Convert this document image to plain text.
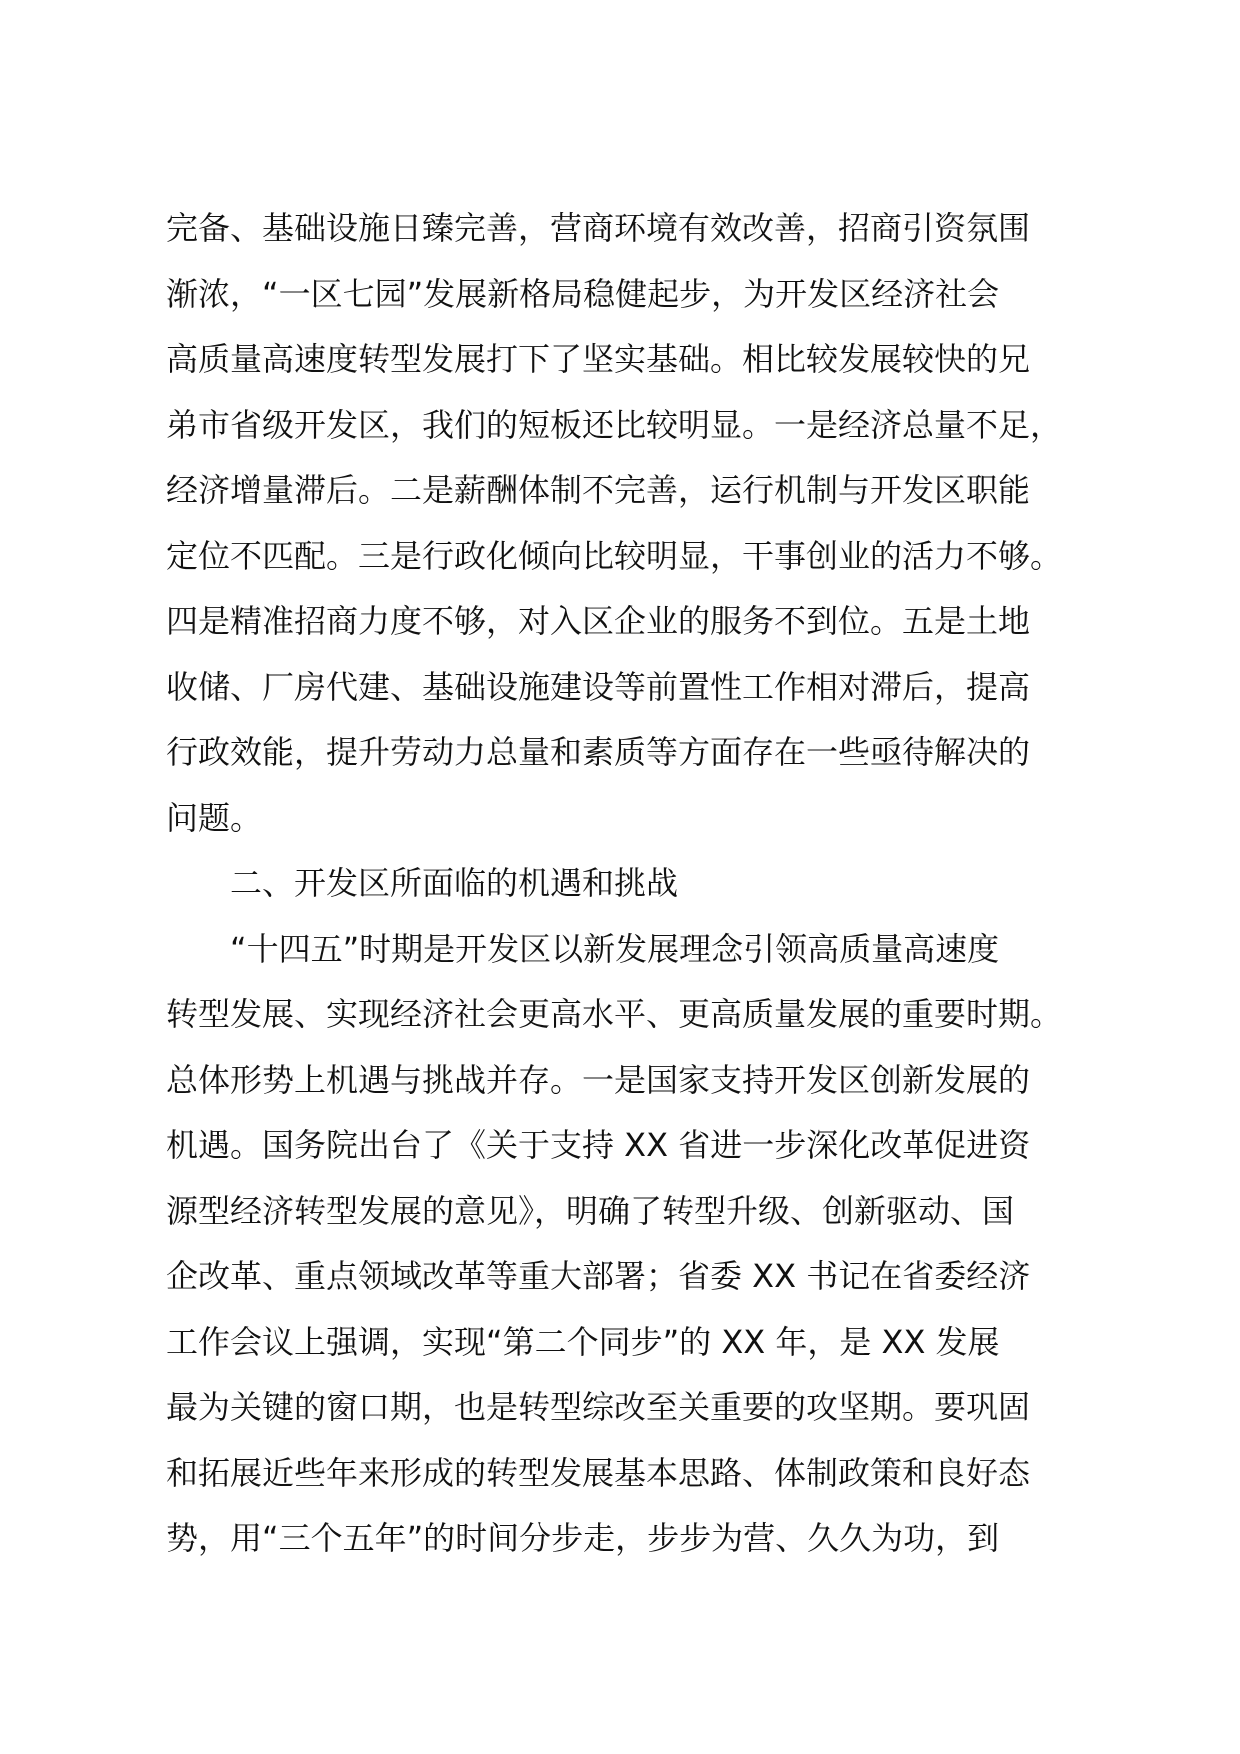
完备、基础设施日臻完善，营商环境有效改善，招商引资氛围
渐浓，“一区七园”发展新格局稳健起步，为开发区经济社会
高质量高速度转型发展打下了坚实基础。相比较发展较快的兄
弟市省级开发区，我们的短板还比较明显。一是经济总量不足，
经济增量滞后。二是薪酬体制不完善，运行机制与开发区职能
定位不匹配。三是行政化倾向比较明显，干事创业的活力不够。
四是精准招商力度不够，对入区企业的服务不到位。五是土地
收储、厂房代建、基础设施建设等前置性工作相对滞后，提高
行政效能，提升劳动力总量和素质等方面存在一些亟待解决的
问题。
二、开发区所面临的机遇和挑战
“十四五”时期是开发区以新发展理念引领高质量高速度
转型发展、实现经济社会更高水平、更高质量发展的重要时期。
总体形势上机遇与挑战并存。一是国家支持开发区创新发展的
机遇。国务院出台了《关于支持 XX 省进一步深化改革促进资
源型经济转型发展的意见》，明确了转型升级、创新驱动、国
企改革、重点领域改革等重大部署；省委 XX 书记在省委经济
工作会议上强调，实现“第二个同步”的 XX 年，是 XX 发展
最为关键的窗口期，也是转型综改至关重要的攻坚期。要巩固
和拓展近些年来形成的转型发展基本思路、体制政策和良好态
势，用“三个五年”的时间分步走，步步为营、久久为功，到
